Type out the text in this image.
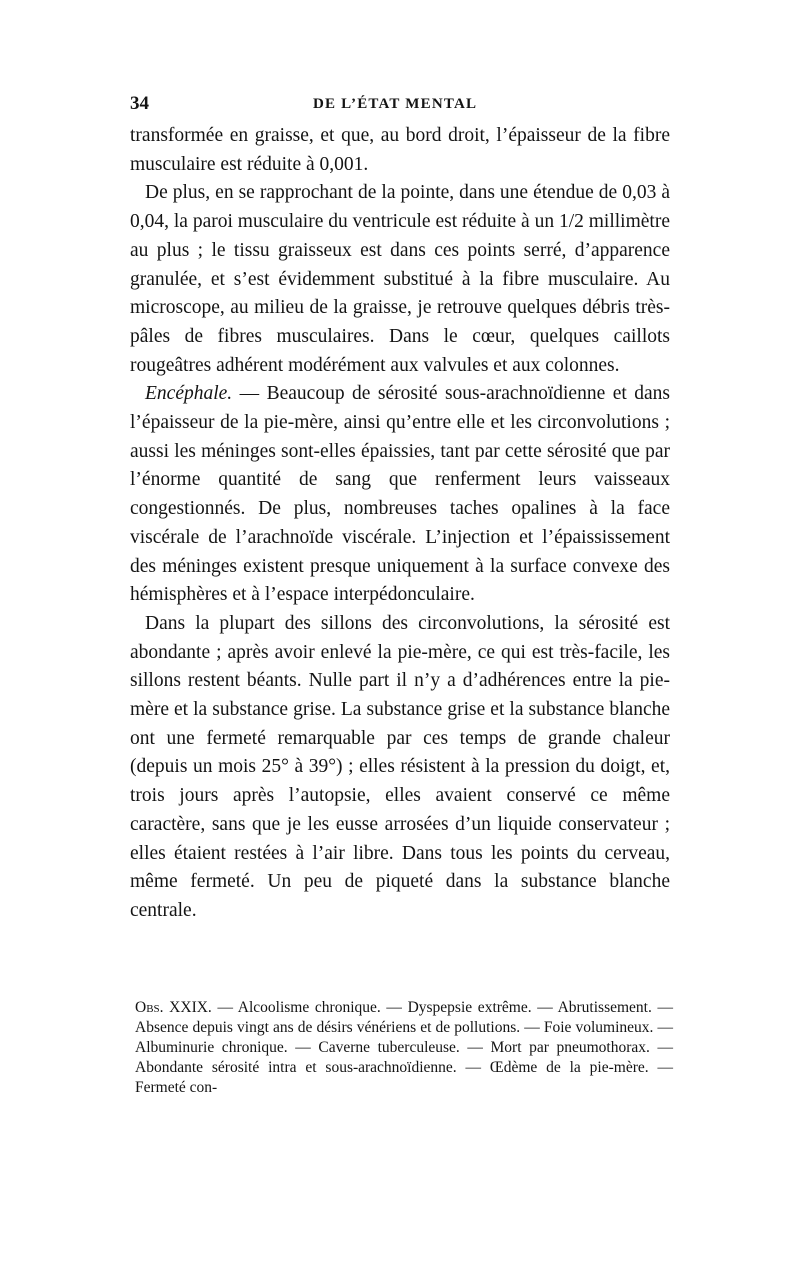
34	DE L’ÉTAT MENTAL

transformée en graisse, et que, au bord droit, l’épaisseur de la fibre musculaire est réduite à 0,001.

De plus, en se rapprochant de la pointe, dans une étendue de 0,03 à 0,04, la paroi musculaire du ventricule est réduite à un 1/2 millimètre au plus ; le tissu graisseux est dans ces points serré, d’apparence granulée, et s’est évidemment substitué à la fibre musculaire. Au microscope, au milieu de la graisse, je retrouve quelques débris très-pâles de fibres musculaires. Dans le cœur, quelques caillots rougeâtres adhérent modérément aux valvules et aux colonnes.

Encéphale. — Beaucoup de sérosité sous-arachnoïdienne et dans l’épaisseur de la pie-mère, ainsi qu’entre elle et les circonvolutions ; aussi les méninges sont-elles épaissies, tant par cette sérosité que par l’énorme quantité de sang que renferment leurs vaisseaux congestionnés. De plus, nombreuses taches opalines à la face viscérale de l’arachnoïde viscérale. L’injection et l’épaississement des méninges existent presque uniquement à la surface convexe des hémisphères et à l’espace interpédonculaire.

Dans la plupart des sillons des circonvolutions, la sérosité est abondante ; après avoir enlevé la pie-mère, ce qui est très-facile, les sillons restent béants. Nulle part il n’y a d’adhérences entre la pie-mère et la substance grise. La substance grise et la substance blanche ont une fermeté remarquable par ces temps de grande chaleur (depuis un mois 25° à 39°) ; elles résistent à la pression du doigt, et, trois jours après l’autopsie, elles avaient conservé ce même caractère, sans que je les eusse arrosées d’un liquide conservateur ; elles étaient restées à l’air libre. Dans tous les points du cerveau, même fermeté. Un peu de piqueté dans la substance blanche centrale.

Obs. XXIX. — Alcoolisme chronique. — Dyspepsie extrême. — Abrutissement. — Absence depuis vingt ans de désirs vénériens et de pollutions. — Foie volumineux. — Albuminurie chronique. — Caverne tuberculeuse. — Mort par pneumothorax. — Abondante sérosité intra et sous-arachnoïdienne. — Œdème de la pie-mère. — Fermeté con-
